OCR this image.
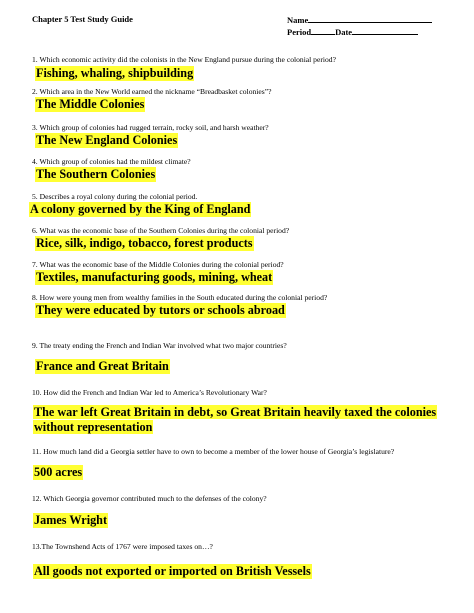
Chapter 5 Test Study Guide	Name
Period	Date
1. Which economic activity did the colonists in the New England pursue during the colonial period?
Fishing, whaling, shipbuilding
2. Which area in the New World earned the nickname “Breadbasket colonies”?
The Middle Colonies
3. Which group of colonies had rugged terrain, rocky soil, and harsh weather?
The New England Colonies
4. Which group of colonies had the mildest climate?
The Southern Colonies
5. Describes a royal colony during the colonial period.
A colony governed by the King of England
6. What was the economic base of the Southern Colonies during the colonial period?
Rice, silk, indigo, tobacco, forest products
7. What was the economic base of the Middle Colonies during the colonial period?
Textiles, manufacturing goods, mining, wheat
8. How were young men from wealthy families in the South educated during the colonial period?
They were educated by tutors or schools abroad
9. The treaty ending the French and Indian War involved what two major countries?
France and Great Britain
10. How did the French and Indian War led to America’s Revolutionary War?
The war left Great Britain in debt, so Great Britain heavily taxed the colonies without representation
11. How much land did a Georgia settler have to own to become a member of the lower house of Georgia’s legislature?
500 acres
12. Which Georgia governor contributed much to the defenses of the colony?
James Wright
13.The Townshend Acts of 1767 were imposed taxes on…?
All goods not exported or imported on British Vessels
